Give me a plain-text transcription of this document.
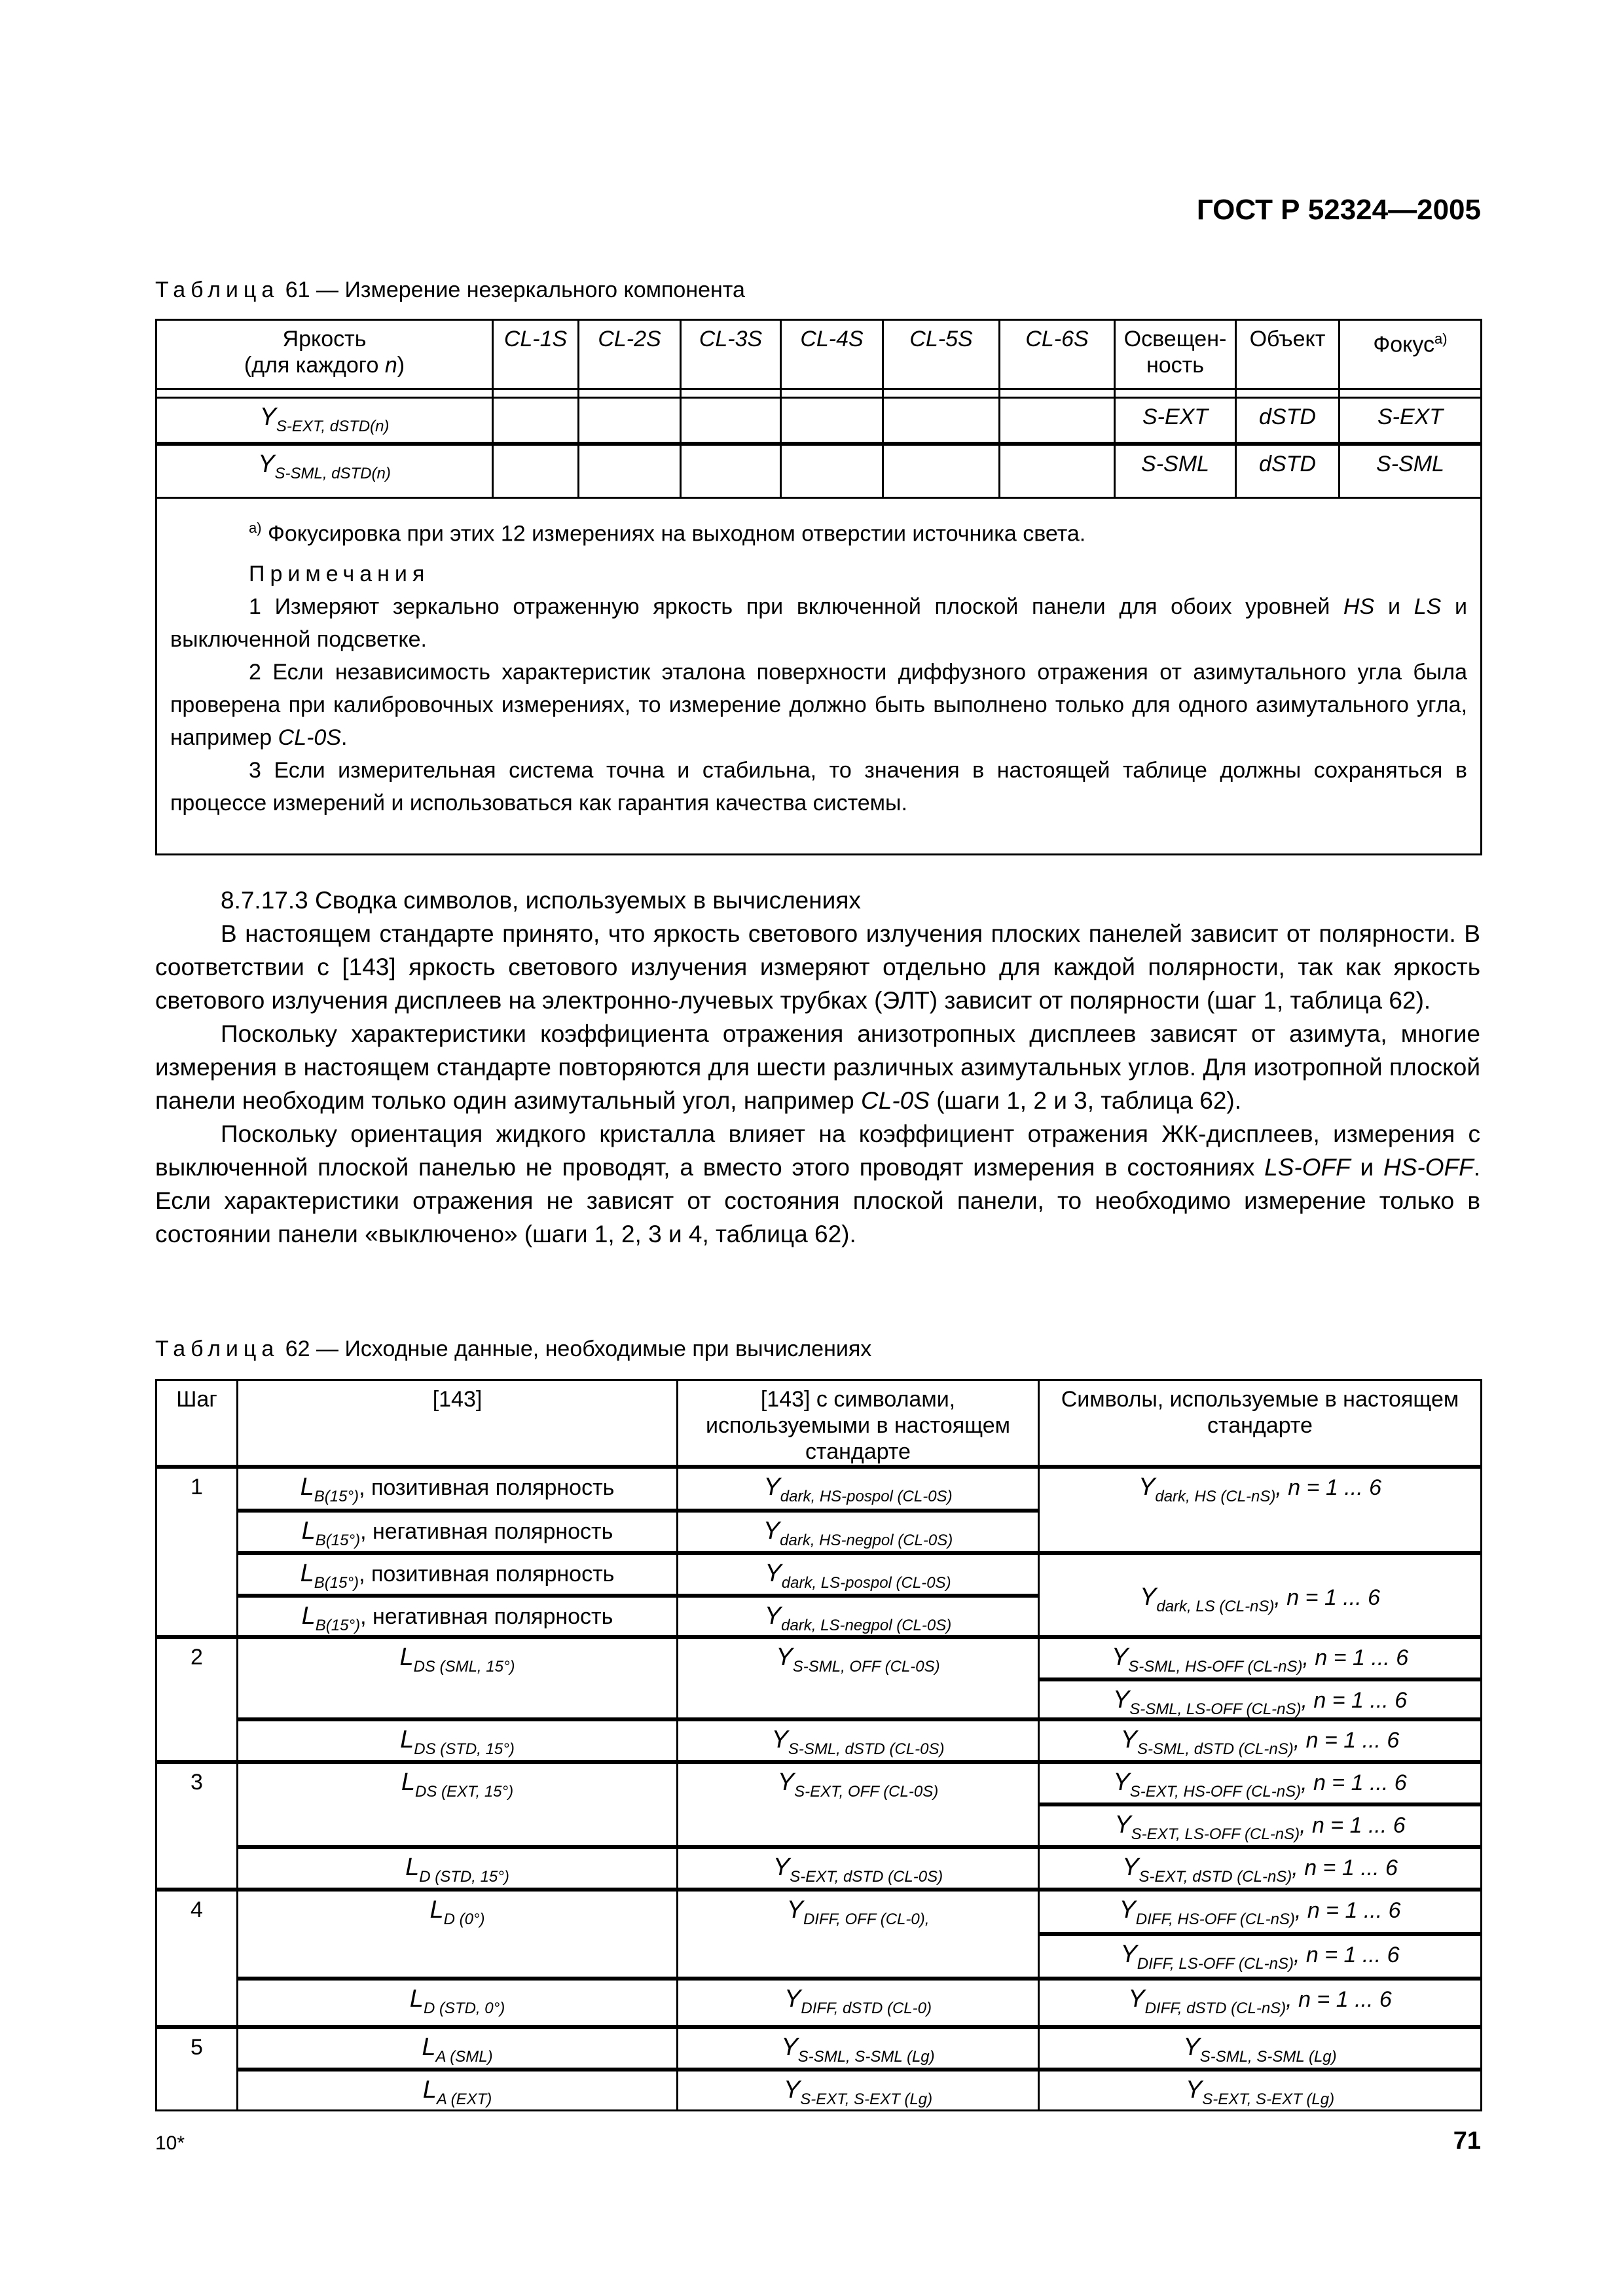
ГОСТ Р 52324—2005
Таблица 61 — Измерение незеркального компонента
Яркость
(для каждого n)	CL-1S	CL-2S	CL-3S	CL-4S	CL-5S	CL-6S	Освещен-ность	Объект	Фокус$^{а)}$

$Y_{S-EXT, dSTD(n)}$							S-EXT	dSTD	S-EXT
$Y_{S-SML, dSTD(n)}$							S-SML	dSTD	S-SML

$^{а)}$ Фокусировка при этих 12 измерениях на выходном отверстии источника света.

Примечания

1 Измеряют зеркально отраженную яркость при включенной плоской панели для обоих уровней HS и LS и выключенной подсветке.

2 Если независимость характеристик эталона поверхности диффузного отражения от азимутального угла была проверена при калибровочных измерениях, то измерение должно быть выполнено только для одного азимутального угла, например CL-0S.

3 Если измерительная система точна и стабильна, то значения в настоящей таблице должны сохраняться в процессе измерений и использоваться как гарантия качества системы.									

8.7.17.3 Сводка символов, используемых в вычислениях

В настоящем стандарте принято, что яркость светового излучения плоских панелей зависит от полярности. В соответствии с [143] яркость светового излучения измеряют отдельно для каждой полярности, так как яркость светового излучения дисплеев на электронно-лучевых трубках (ЭЛТ) зависит от полярности (шаг 1, таблица 62).

Поскольку характеристики коэффициента отражения анизотропных дисплеев зависят от азимута, многие измерения в настоящем стандарте повторяются для шести различных азимутальных углов. Для изотропной плоской панели необходим только один азимутальный угол, например CL-0S (шаги 1, 2 и 3, таблица 62).

Поскольку ориентация жидкого кристалла влияет на коэффициент отражения ЖК-дисплеев, измерения с выключенной плоской панелью не проводят, а вместо этого проводят измерения в состояниях LS-OFF и HS-OFF. Если характеристики отражения не зависят от состояния плоской панели, то необходимо измерение только в состоянии панели «выключено» (шаги 1, 2, 3 и 4, таблица 62).

Таблица 62 — Исходные данные, необходимые при вычислениях
Шаг	[143]	[143] с символами, используемыми в настоящем стандарте	Символы, используемые в настоящем стандарте

1	$L_{B(15^\circ)}$, позитивная полярность	$Y_{dark, HS-pospol (CL-0S)}$	$Y_{dark, HS (CL-nS)}$, n = 1 ... 6
	$L_{B(15^\circ)}$, негативная полярность	$Y_{dark, HS-negpol (CL-0S)}$
	$L_{B(15^\circ)}$, позитивная полярность	$Y_{dark, LS-pospol (CL-0S)}$	$Y_{dark, LS (CL-nS)}$, n = 1 ... 6
	$L_{B(15^\circ)}$, негативная полярность	$Y_{dark, LS-negpol (CL-0S)}$
2	$L_{DS (SML, 15^\circ)}$	$Y_{S-SML, OFF (CL-0S)}$	$Y_{S-SML, HS-OFF (CL-nS)}$, n = 1 ... 6
			$Y_{S-SML, LS-OFF (CL-nS)}$, n = 1 ... 6
	$L_{DS (STD, 15^\circ)}$	$Y_{S-SML, dSTD (CL-0S)}$	$Y_{S-SML, dSTD (CL-nS)}$, n = 1 ... 6
3	$L_{DS (EXT, 15^\circ)}$	$Y_{S-EXT, OFF (CL-0S)}$	$Y_{S-EXT, HS-OFF (CL-nS)}$, n = 1 ... 6
			$Y_{S-EXT, LS-OFF (CL-nS)}$, n = 1 ... 6
	$L_{D (STD, 15^\circ)}$	$Y_{S-EXT, dSTD (CL-0S)}$	$Y_{S-EXT, dSTD (CL-nS)}$, n = 1 ... 6
4	$L_{D (0^\circ)}$	$Y_{DIFF, OFF (CL-0),}$	$Y_{DIFF, HS-OFF (CL-nS)}$, n = 1 ... 6
			$Y_{DIFF, LS-OFF (CL-nS)}$, n = 1 ... 6
	$L_{D (STD, 0^\circ)}$	$Y_{DIFF, dSTD (CL-0)}$	$Y_{DIFF, dSTD (CL-nS)}$, n = 1 ... 6
5	$L_{A (SML)}$	$Y_{S-SML, S-SML (Lg)}$	$Y_{S-SML, S-SML (Lg)}$
	$L_{A (EXT)}$	$Y_{S-EXT, S-EXT (Lg)}$	$Y_{S-EXT, S-EXT (Lg)}$
10*	71
